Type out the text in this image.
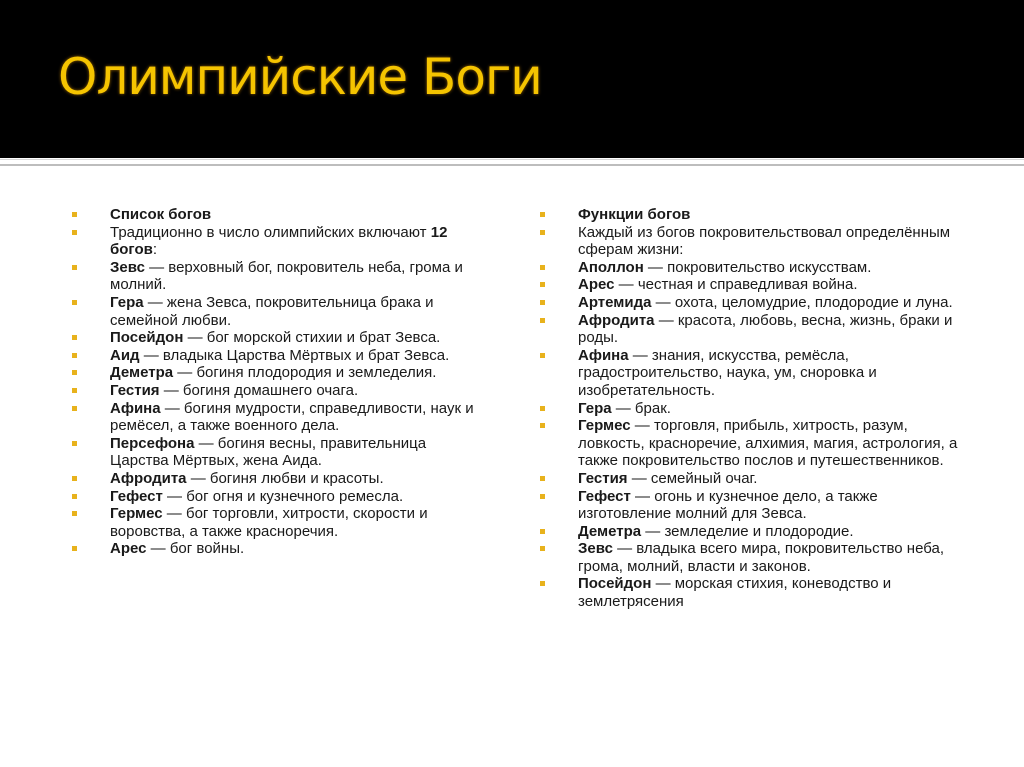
Олимпийские Боги
Список богов
Традиционно в число олимпийских включают 12 богов:
Зевс — верховный бог, покровитель неба, грома и молний.
Гера — жена Зевса, покровительница брака и семейной любви.
Посейдон — бог морской стихии и брат Зевса.
Аид — владыка Царства Мёртвых и брат Зевса.
Деметра — богиня плодородия и земледелия.
Гестия — богиня домашнего очага.
Афина — богиня мудрости, справедливости, наук и ремёсел, а также военного дела.
Персефона — богиня весны, правительница Царства Мёртвых, жена Аида.
Афродита — богиня любви и красоты.
Гефест — бог огня и кузнечного ремесла.
Гермес — бог торговли, хитрости, скорости и воровства, а также красноречия.
Арес — бог войны.
Функции богов
Каждый из богов покровительствовал определённым сферам жизни:
Аполлон — покровительство искусствам.
Арес — честная и справедливая война.
Артемида — охота, целомудрие, плодородие и луна.
Афродита — красота, любовь, весна, жизнь, браки и роды.
Афина — знания, искусства, ремёсла, градостроительство, наука, ум, сноровка и изобретательность.
Гера — брак.
Гермес — торговля, прибыль, хитрость, разум, ловкость, красноречие, алхимия, магия, астрология, а также покровительство послов и путешественников.
Гестия — семейный очаг.
Гефест — огонь и кузнечное дело, а также изготовление молний для Зевса.
Деметра — земледелие и плодородие.
Зевс — владыка всего мира, покровительство неба, грома, молний, власти и законов.
Посейдон — морская стихия, коневодство и землетрясения
